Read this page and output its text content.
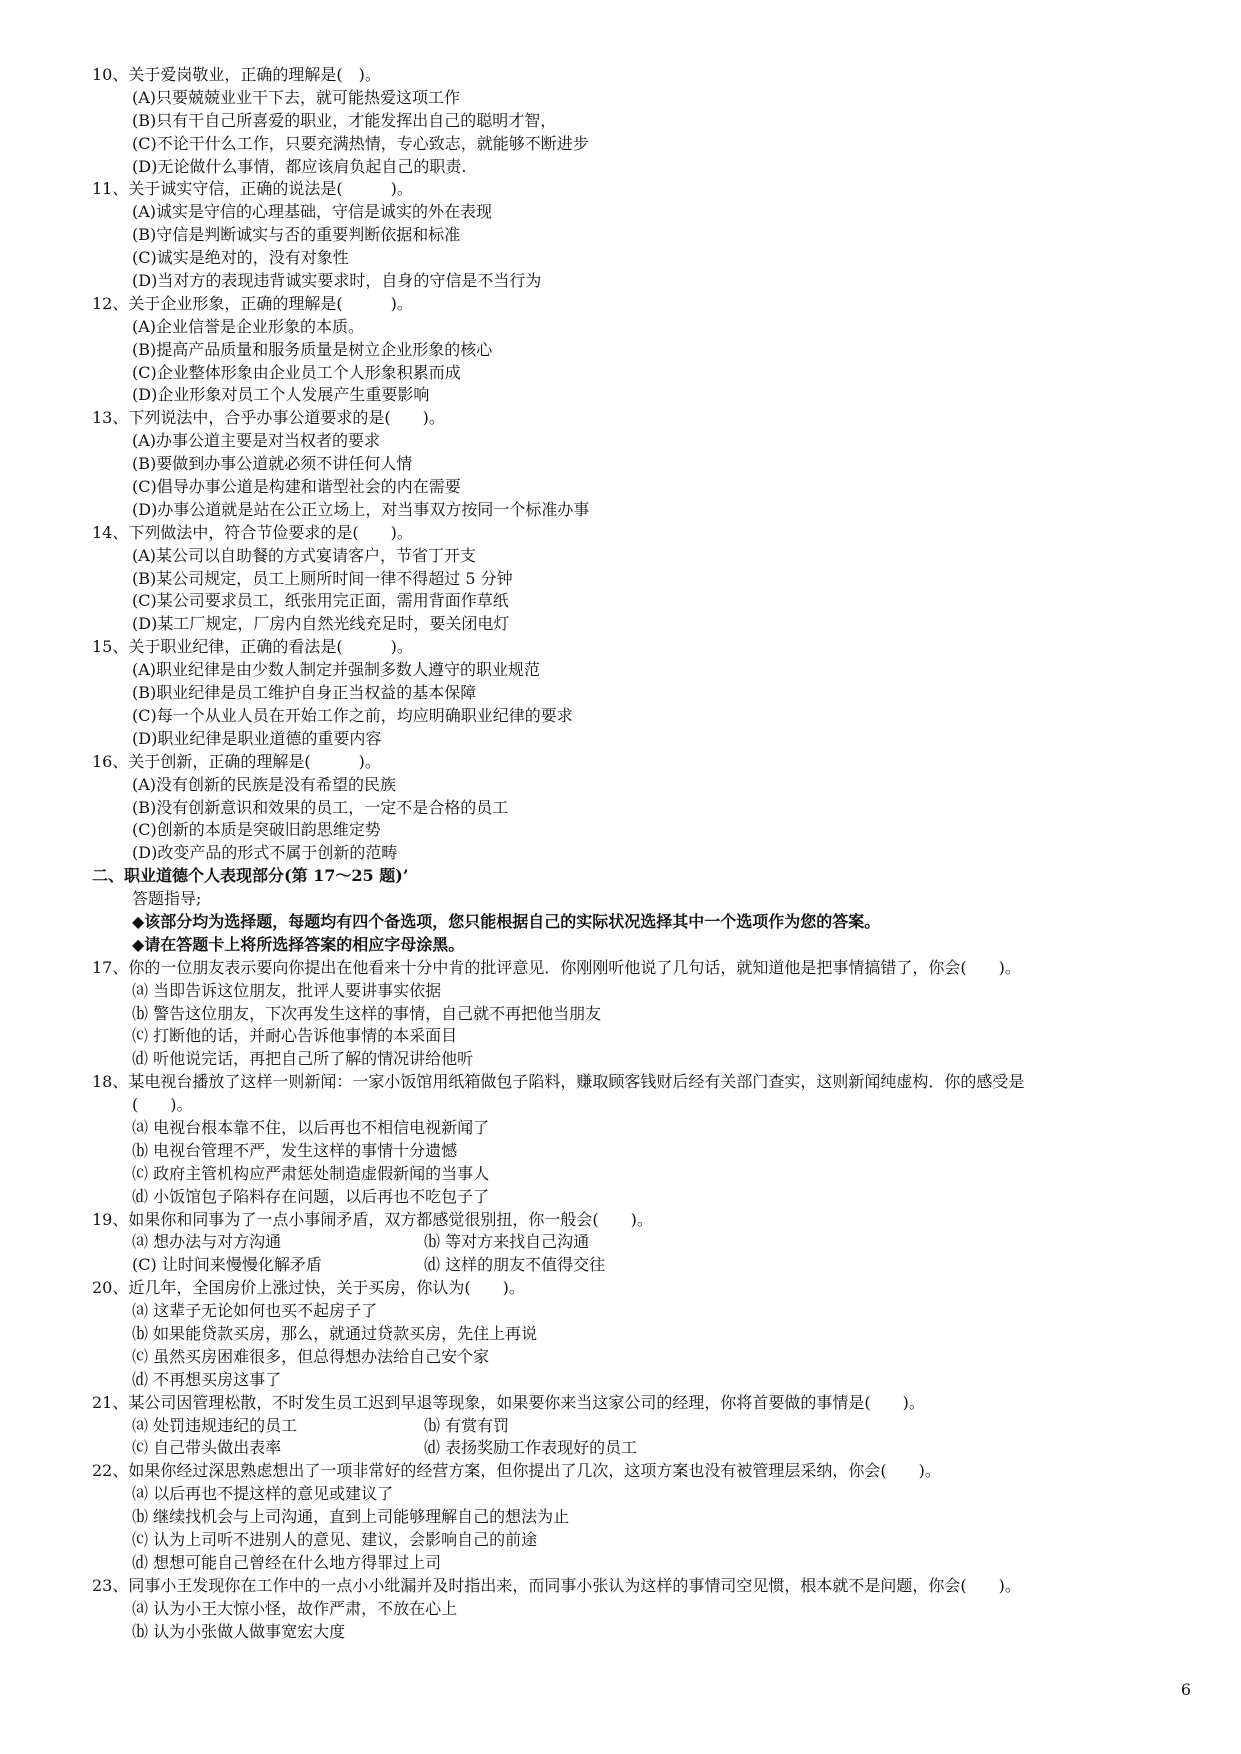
10、关于爱岗敬业，正确的理解是(　)。
(A)只要兢兢业业干下去，就可能热爱这项工作
(B)只有干自己所喜爱的职业，才能发挥出自己的聪明才智，
(C)不论干什么工作，只要充满热情，专心致志，就能够不断进步
(D)无论做什么事情，都应该肩负起自己的职责.
11、关于诚实守信，正确的说法是(　　　)。
(A)诚实是守信的心理基础，守信是诚实的外在表现
(B)守信是判断诚实与否的重要判断依据和标准
(C)诚实是绝对的，没有对象性
(D)当对方的表现违背诚实要求时，自身的守信是不当行为
12、关于企业形象，正确的理解是(　　　)。
(A)企业信誉是企业形象的本质。
(B)提高产品质量和服务质量是树立企业形象的核心
(C)企业整体形象由企业员工个人形象积累而成
(D)企业形象对员工个人发展产生重要影响
13、下列说法中，合乎办事公道要求的是(　　)。
(A)办事公道主要是对当权者的要求
(B)要做到办事公道就必须不讲任何人情
(C)倡导办事公道是构建和谐型社会的内在需要
(D)办事公道就是站在公正立场上，对当事双方按同一个标准办事
14、下列做法中，符合节俭要求的是(　　)。
(A)某公司以自助餐的方式宴请客户，节省丁开支
(B)某公司规定，员工上厕所时间一律不得超过 5 分钟
(C)某公司要求员工，纸张用完正面，需用背面作草纸
(D)某工厂规定，厂房内自然光线充足时，要关闭电灯
15、关于职业纪律，正确的看法是(　　　)。
(A)职业纪律是由少数人制定并强制多数人遵守的职业规范
(B)职业纪律是员工维护自身正当权益的基本保障
(C)每一个从业人员在开始工作之前，均应明确职业纪律的要求
(D)职业纪律是职业道德的重要内容
16、关于创新，正确的理解是(　　　)。
(A)没有创新的民族是没有希望的民族
(B)没有创新意识和效果的员工，一定不是合格的员工
(C)创新的本质是突破旧韵思维定势
(D)改变产品的形式不属于创新的范畴
二、职业道德个人表现部分(第 17～25 题)’
答题指导;
◆该部分均为选择题，每题均有四个备选项，您只能根据自己的实际状况选择其中一个选项作为您的答案。
◆请在答题卡上将所选择答案的相应字母涂黑。
17、你的一位朋友表示要向你提出在他看来十分中肯的批评意见．你刚刚听他说了几句话，就知道他是把事情搞错了，你会(　　)。
⒜ 当即告诉这位朋友，批评人要讲事实依据
⒝ 警告这位朋友，下次再发生这样的事情，自己就不再把他当朋友
⒞ 打断他的话，并耐心告诉他事情的本采面目
⒟ 听他说完话，再把自己所了解的情况讲给他听
18、某电视台播放了这样一则新闻：一家小饭馆用纸箱做包子陷料，赚取顾客钱财后经有关部门查实，这则新闻纯虚构．你的感受是
(　　)。
⒜ 电视台根本靠不住，以后再也不相信电视新闻了
⒝ 电视台管理不严，发生这样的事情十分遗憾
⒞ 政府主管机构应严肃惩处制造虚假新闻的当事人
⒟ 小饭馆包子陷料存在问题，以后再也不吃包子了
19、如果你和同事为了一点小事闹矛盾，双方都感觉很别扭，你一般会(　　)。
⒜ 想办法与对方沟通	⒝ 等对方来找自己沟通
(C) 让时间来慢慢化解矛盾	⒟ 这样的朋友不值得交往
20、近几年，全国房价上涨过快，关于买房，你认为(　　)。
⒜ 这辈子无论如何也买不起房子了
⒝ 如果能贷款买房，那么，就通过贷款买房，先住上再说
⒞ 虽然买房困难很多，但总得想办法给自己安个家
⒟ 不再想买房这事了
21、某公司因管理松散，不时发生员工迟到早退等现象，如果要你来当这家公司的经理，你将首要做的事情是(　　)。
⒜ 处罚违规违纪的员工	⒝ 有赏有罚
⒞ 自己带头做出表率	⒟ 表扬奖励工作表现好的员工
22、如果你经过深思熟虑想出了一项非常好的经营方案，但你提出了几次，这项方案也没有被管理层采纳，你会(　　)。
⒜ 以后再也不提这样的意见或建议了
⒝ 继续找机会与上司沟通，直到上司能够理解自己的想法为止
⒞ 认为上司听不进别人的意见、建议，会影响自己的前途
⒟ 想想可能自己曾经在什么地方得罪过上司
23、同事小王发现你在工作中的一点小小纰漏并及时指出来，而同事小张认为这样的事情司空见惯，根本就不是问题，你会(　　)。
⒜ 认为小王大惊小怪，故作严肃，不放在心上
⒝ 认为小张做人做事宽宏大度
6
